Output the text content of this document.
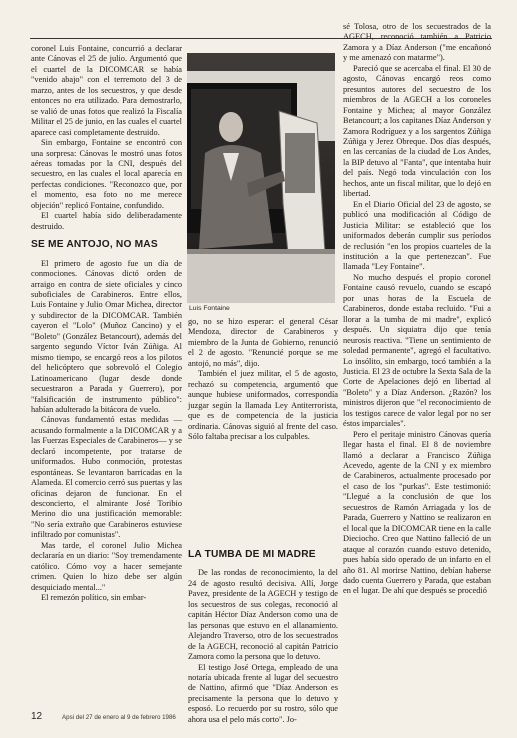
coronel Luis Fontaine, concurrió a declarar ante Cánovas el 25 de julio. Argumentó que el cuartel de la DICOMCAR se había "venido abajo" con el terremoto del 3 de marzo, antes de los secuestros, y que desde entonces no era utilizado. Para demostrarlo, se valió de unas fotos que realizó la Fiscalía Militar el 25 de junio, en las cuales el cuartel aparece casi completamente destruido.

Sin embargo, Fontaine se encontró con una sorpresa: Cánovas le mostró unas fotos aéreas tomadas por la CNI, después del secuestro, en las cuales el local aparecía en perfectas condiciones. "Reconozco que, por el momento, esa foto no me merece objeción" replicó Fontaine, confundido.

El cuartel había sido deliberadamente destruido.

SE ME ANTOJO, NO MAS

El primero de agosto fue un día de conmociones. Cánovas dictó orden de arraigo en contra de siete oficiales y cinco suboficiales de Carabineros. Entre ellos, Luis Fontaine y Julio Omar Michea, director y subdirector de la DICOMCAR. También cayeron el "Lolo" (Muñoz Cancino) y el "Boleto" (González Betancourt), además del sargento segundo Víctor Iván Zúñiga. Al mismo tiempo, se encargó reos a los pilotos del helicóptero que sobrevoló el Colegio Latinoamericano (lugar desde donde secuestraron a Parada y Guerrero), por "falsificación de instrumento público": habían adulterado la bitácora de vuelo.

Cánovas fundamentó estas medidas —acusando formalmente a la DICOMCAR y a las Fuerzas Especiales de Carabineros— y se declaró incompetente, por tratarse de uniformados. Hubo conmoción, protestas espontáneas. Se levantaron barricadas en la Alameda. El comercio cerró sus puertas y las oficinas dejaron de funcionar. En el desconcierto, el almirante José Toribio Merino dio una justificación memorable: "No sería extraño que Carabineros estuviese infiltrado por comunistas".

Mas tarde, el coronel Julio Michea declararía en un diario: "Soy tremendamente católico. Cómo voy a hacer semejante crimen. Quien lo hizo debe ser algún desquiciado mental..."

El remezón político, sin embar-

Luis Fontaine

go, no se hizo esperar: el general César Mendoza, director de Carabineros y miembro de la Junta de Gobierno, renunció el 2 de agosto. "Renuncié porque se me antojó, no más", dijo.

También el juez militar, el 5 de agosto, rechazó su competencia, argumentó que aunque hubiese uniformados, correspondía juzgar según la llamada Ley Antiterrorista, que es de competencia de la justicia ordinaria. Cánovas siguió al frente del caso. Sólo faltaba precisar a los culpables.

LA TUMBA DE MI MADRE

De las rondas de reconocimiento, la del 24 de agosto resultó decisiva. Allí, Jorge Pavez, presidente de la AGECH y testigo de los secuestros de sus colegas, reconoció al capitán Héctor Díaz Anderson como una de las personas que estuvo en el allanamiento. Alejandro Traverso, otro de los secuestrados de la AGECH, reconoció al capitán Patricio Zamora como la persona que lo detuvo.

El testigo José Ortega, empleado de una notaría ubicada frente al lugar del secuestro de Nattino, afirmó que "Díaz Anderson es precisamente la persona que lo detuvo y esposó. Lo recuerdo por su rostro, sólo que ahora usa el pelo más corto". Jo-

sé Tolosa, otro de los secuestrados de la AGECH, reconoció también a Patricio Zamora y a Díaz Anderson ("me encañonó y me amenazó con matarme").

Pareció que se acercaba el final. El 30 de agosto, Cánovas encargó reos como presuntos autores del secuestro de los miembros de la AGECH a los coroneles Fontaine y Michea; al mayor González Betancourt; a los capitanes Díaz Anderson y Zamora Rodríguez y a los sargentos Zúñiga Zúñiga y Jerez Obreque. Dos días después, en las cercanías de la ciudad de Los Andes, la BIP detuvo al "Fanta", que intentaba huir del país. Negó toda vinculación con los hechos, ante un fiscal militar, que lo dejó en libertad.

En el Diario Oficial del 23 de agosto, se publicó una modificación al Código de Justicia Militar: se estableció que los uniformados deberán cumplir sus períodos de reclusión "en los propios cuarteles de la institución a la que pertenezcan". Fue llamada "Ley Fontaine".

No mucho después el propio coronel Fontaine causó revuelo, cuando se escapó por unas horas de la Escuela de Carabineros, donde estaba recluido. "Fui a llorar a la tumba de mi madre", explicó después. Un siquiatra dijo que tenía neurosis reactiva. "Tiene un sentimiento de soledad permanente", agregó el facultativo. Lo insólito, sin embargo, tocó también a la Justicia. El 23 de octubre la Sexta Sala de la Corte de Apelaciones dejó en libertad al "Boleto" y a Díaz Anderson. ¿Razón? los ministros dijeron que "el reconocimiento de los testigos carece de valor legal por no ser éstos imparciales".

Pero el peritaje ministro Cánovas quería llegar hasta el final. El 8 de noviembre llamó a declarar a Francisco Zúñiga Acevedo, agente de la CNI y ex miembro de Carabineros, actualmente procesado por el caso de los "purkas". Este testimonió: "Llegué a la conclusión de que los secuestros de Ramón Arriagada y los de Parada, Guerrero y Nattino se realizaron en el local que la DICOMCAR tiene en la calle Dieciocho. Creo que Nattino falleció de un ataque al corazón cuando estuvo detenido, pues había sido operado de un infarto en el año 81. Al morirse Nattino, debían haberse dado cuenta Guerrero y Parada, que estaban en el lugar. De ahí que después se procedió

12	Apsi del 27 de enero al 9 de febrero 1986
